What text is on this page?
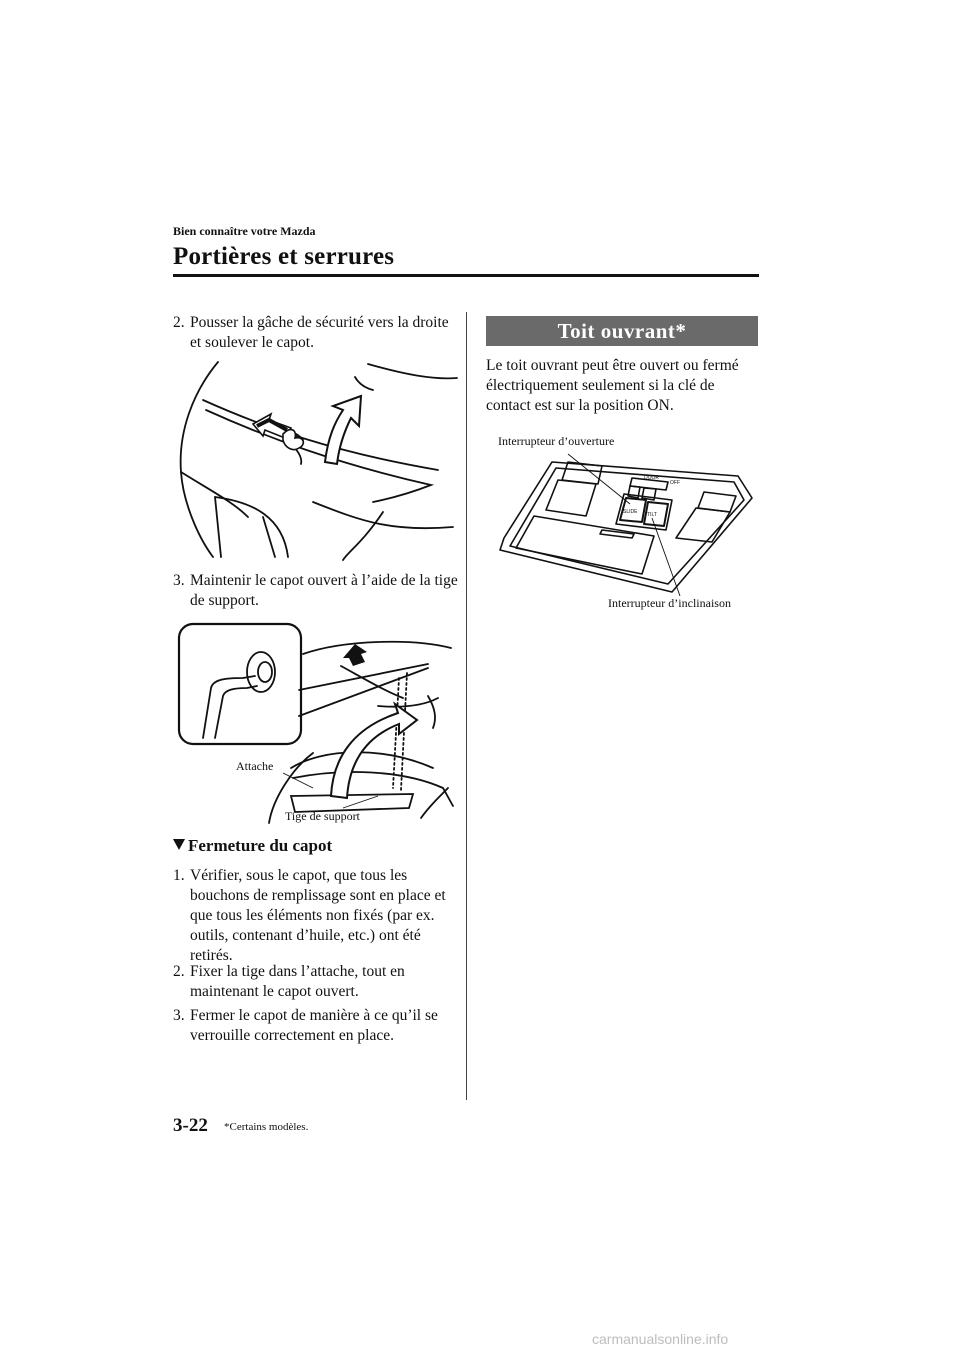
Bien connaître votre Mazda
Portières et serrures
2. Pousser la gâche de sécurité vers la droite et soulever le capot.
3. Maintenir le capot ouvert à l’aide de la tige de support.
Attache
Tige de support
Fermeture du capot
1. Vérifier, sous le capot, que tous les bouchons de remplissage sont en place et que tous les éléments non fixés (par ex. outils, contenant d’huile, etc.) ont été retirés.
2. Fixer la tige dans l’attache, tout en maintenant le capot ouvert.
3. Fermer le capot de manière à ce qu’il se verrouille correctement en place.
Toit ouvrant*
Le toit ouvrant peut être ouvert ou fermé électriquement seulement si la clé de contact est sur la position ON.
Interrupteur d’ouverture
DOOR
OFF
SLIDE TILT
Interrupteur d’inclinaison
3-22 *Certains modèles.
carmanualsonline.info
